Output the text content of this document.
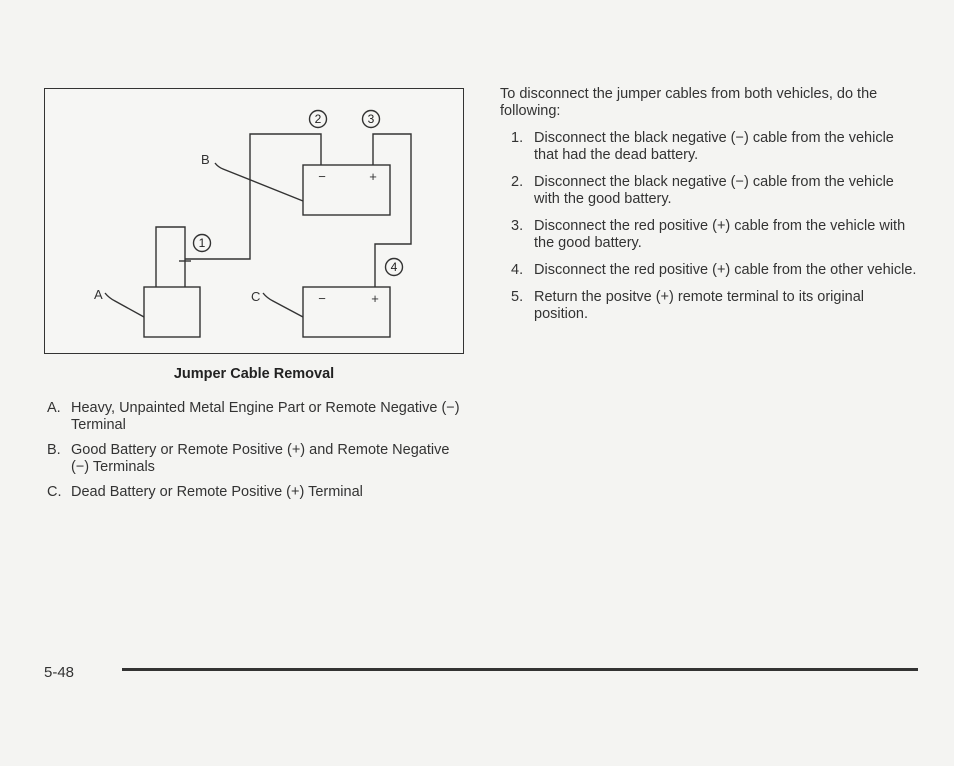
1
2	3
4
−	+
−	+
B
A	C
Jumper Cable Removal
A. Heavy, Unpainted Metal Engine Part or Remote Negative (−) Terminal
B. Good Battery or Remote Positive (+) and Remote Negative (−) Terminals
C. Dead Battery or Remote Positive (+) Terminal

To disconnect the jumper cables from both vehicles, do the following:

1. Disconnect the black negative (−) cable from the vehicle that had the dead battery.
2. Disconnect the black negative (−) cable from the vehicle with the good battery.
3. Disconnect the red positive (+) cable from the vehicle with the good battery.
4. Disconnect the red positive (+) cable from the other vehicle.
5. Return the positve (+) remote terminal to its original position.
5-48
